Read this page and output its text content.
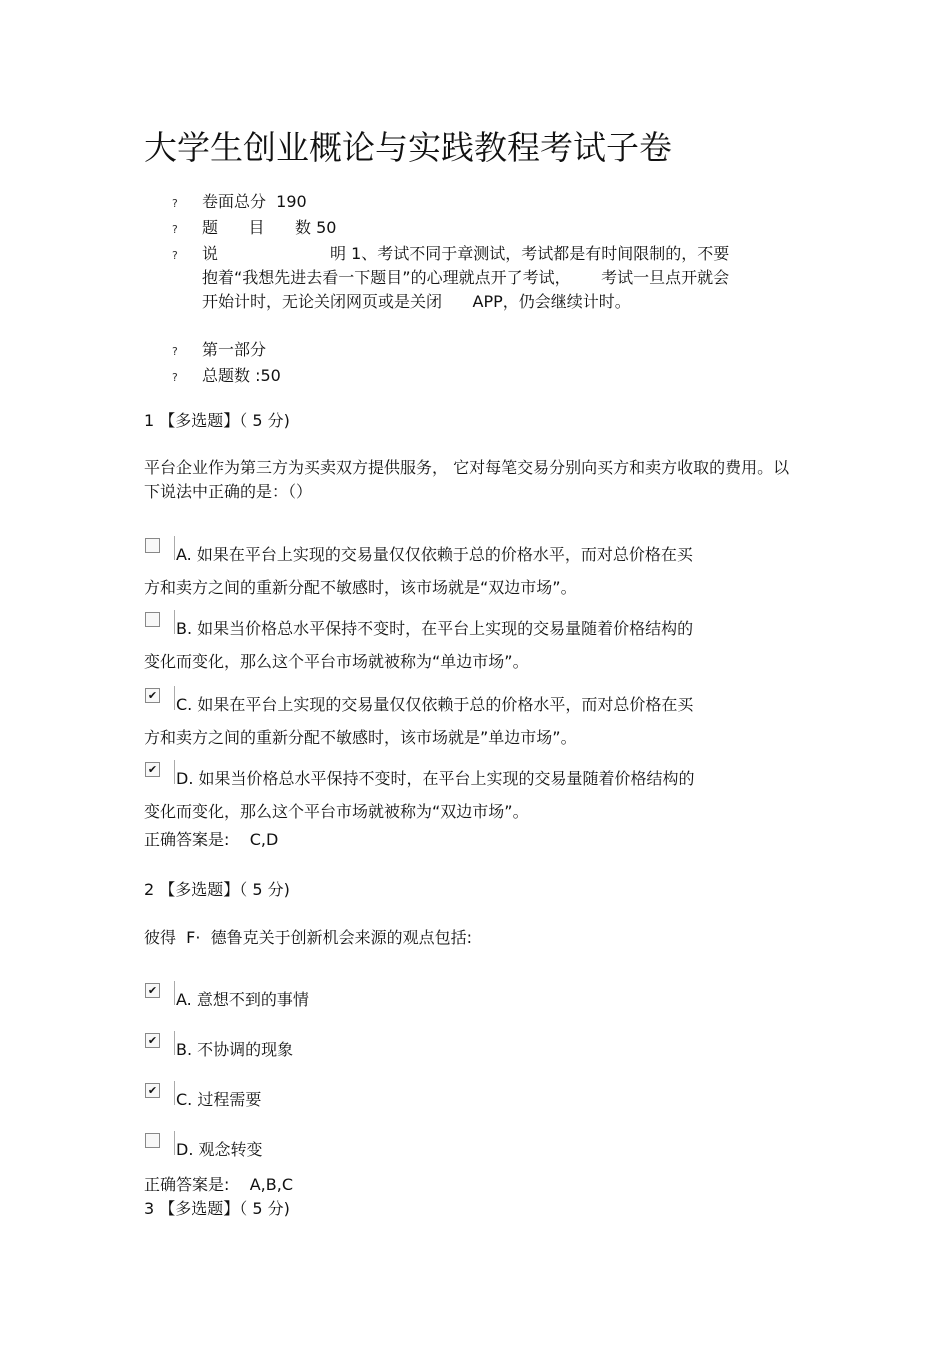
大学生创业概论与实践教程考试子卷
?	卷面总分  190
?	题      目      数 50
?	说	明 1、考试不同于章测试，考试都是有时间限制的，不要
抱着“我想先进去看一下题目”的心理就点开了考试，      考试一旦点开就会
开始计时，无论关闭网页或是关闭      APP，仍会继续计时。
?	第一部分
?	总题数 :50
1 【多选题】（ 5 分)
平台企业作为第三方为买卖双方提供服务， 它对每笔交易分别向买方和卖方收取的费用。以下说法中正确的是：（）
A. 如果在平台上实现的交易量仅仅依赖于总的价格水平，而对总价格在买
方和卖方之间的重新分配不敏感时，该市场就是“双边市场”。
B. 如果当价格总水平保持不变时，在平台上实现的交易量随着价格结构的
变化而变化，那么这个平台市场就被称为“单边市场”。
✔	C. 如果在平台上实现的交易量仅仅依赖于总的价格水平，而对总价格在买
方和卖方之间的重新分配不敏感时，该市场就是”单边市场”。
✔	D. 如果当价格总水平保持不变时，在平台上实现的交易量随着价格结构的
变化而变化，那么这个平台市场就被称为“双边市场”。
正确答案是:    C,D
2 【多选题】（ 5 分)
彼得  F·  德鲁克关于创新机会来源的观点包括:
✔	A. 意想不到的事情
✔	B. 不协调的现象
✔	C. 过程需要
D. 观念转变
正确答案是:    A,B,C
3 【多选题】（ 5 分)
